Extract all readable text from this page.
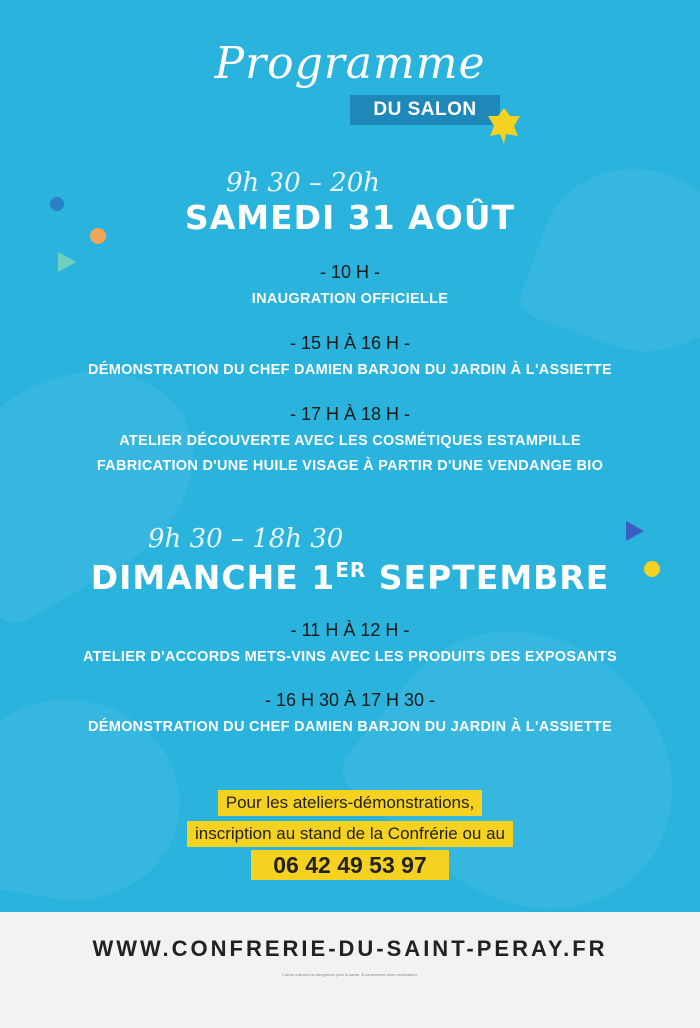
Programme
DU SALON
9h 30 – 20h
SAMEDI 31 AOÛT
- 10 H -
INAUGRATION OFFICIELLE
- 15 H À 16 H -
DÉMONSTRATION DU CHEF DAMIEN BARJON DU JARDIN À L'ASSIETTE
- 17 H À 18 H -
ATELIER DÉCOUVERTE AVEC LES COSMÉTIQUES ESTAMPILLE
FABRICATION D'UNE HUILE VISAGE À PARTIR D'UNE VENDANGE BIO
9h 30 – 18h 30
DIMANCHE 1ER SEPTEMBRE
- 11 H À 12 H -
ATELIER D'ACCORDS METS-VINS AVEC LES PRODUITS DES EXPOSANTS
- 16 H 30 À 17 H 30 -
DÉMONSTRATION DU CHEF DAMIEN BARJON DU JARDIN À L'ASSIETTE
Pour les ateliers-démonstrations,
inscription au stand de la Confrérie ou au
06 42 49 53 97
WWW.CONFRERIE-DU-SAINT-PERAY.FR
L'abus d'alcool est dangereux pour la santé. À consommer avec modération.
